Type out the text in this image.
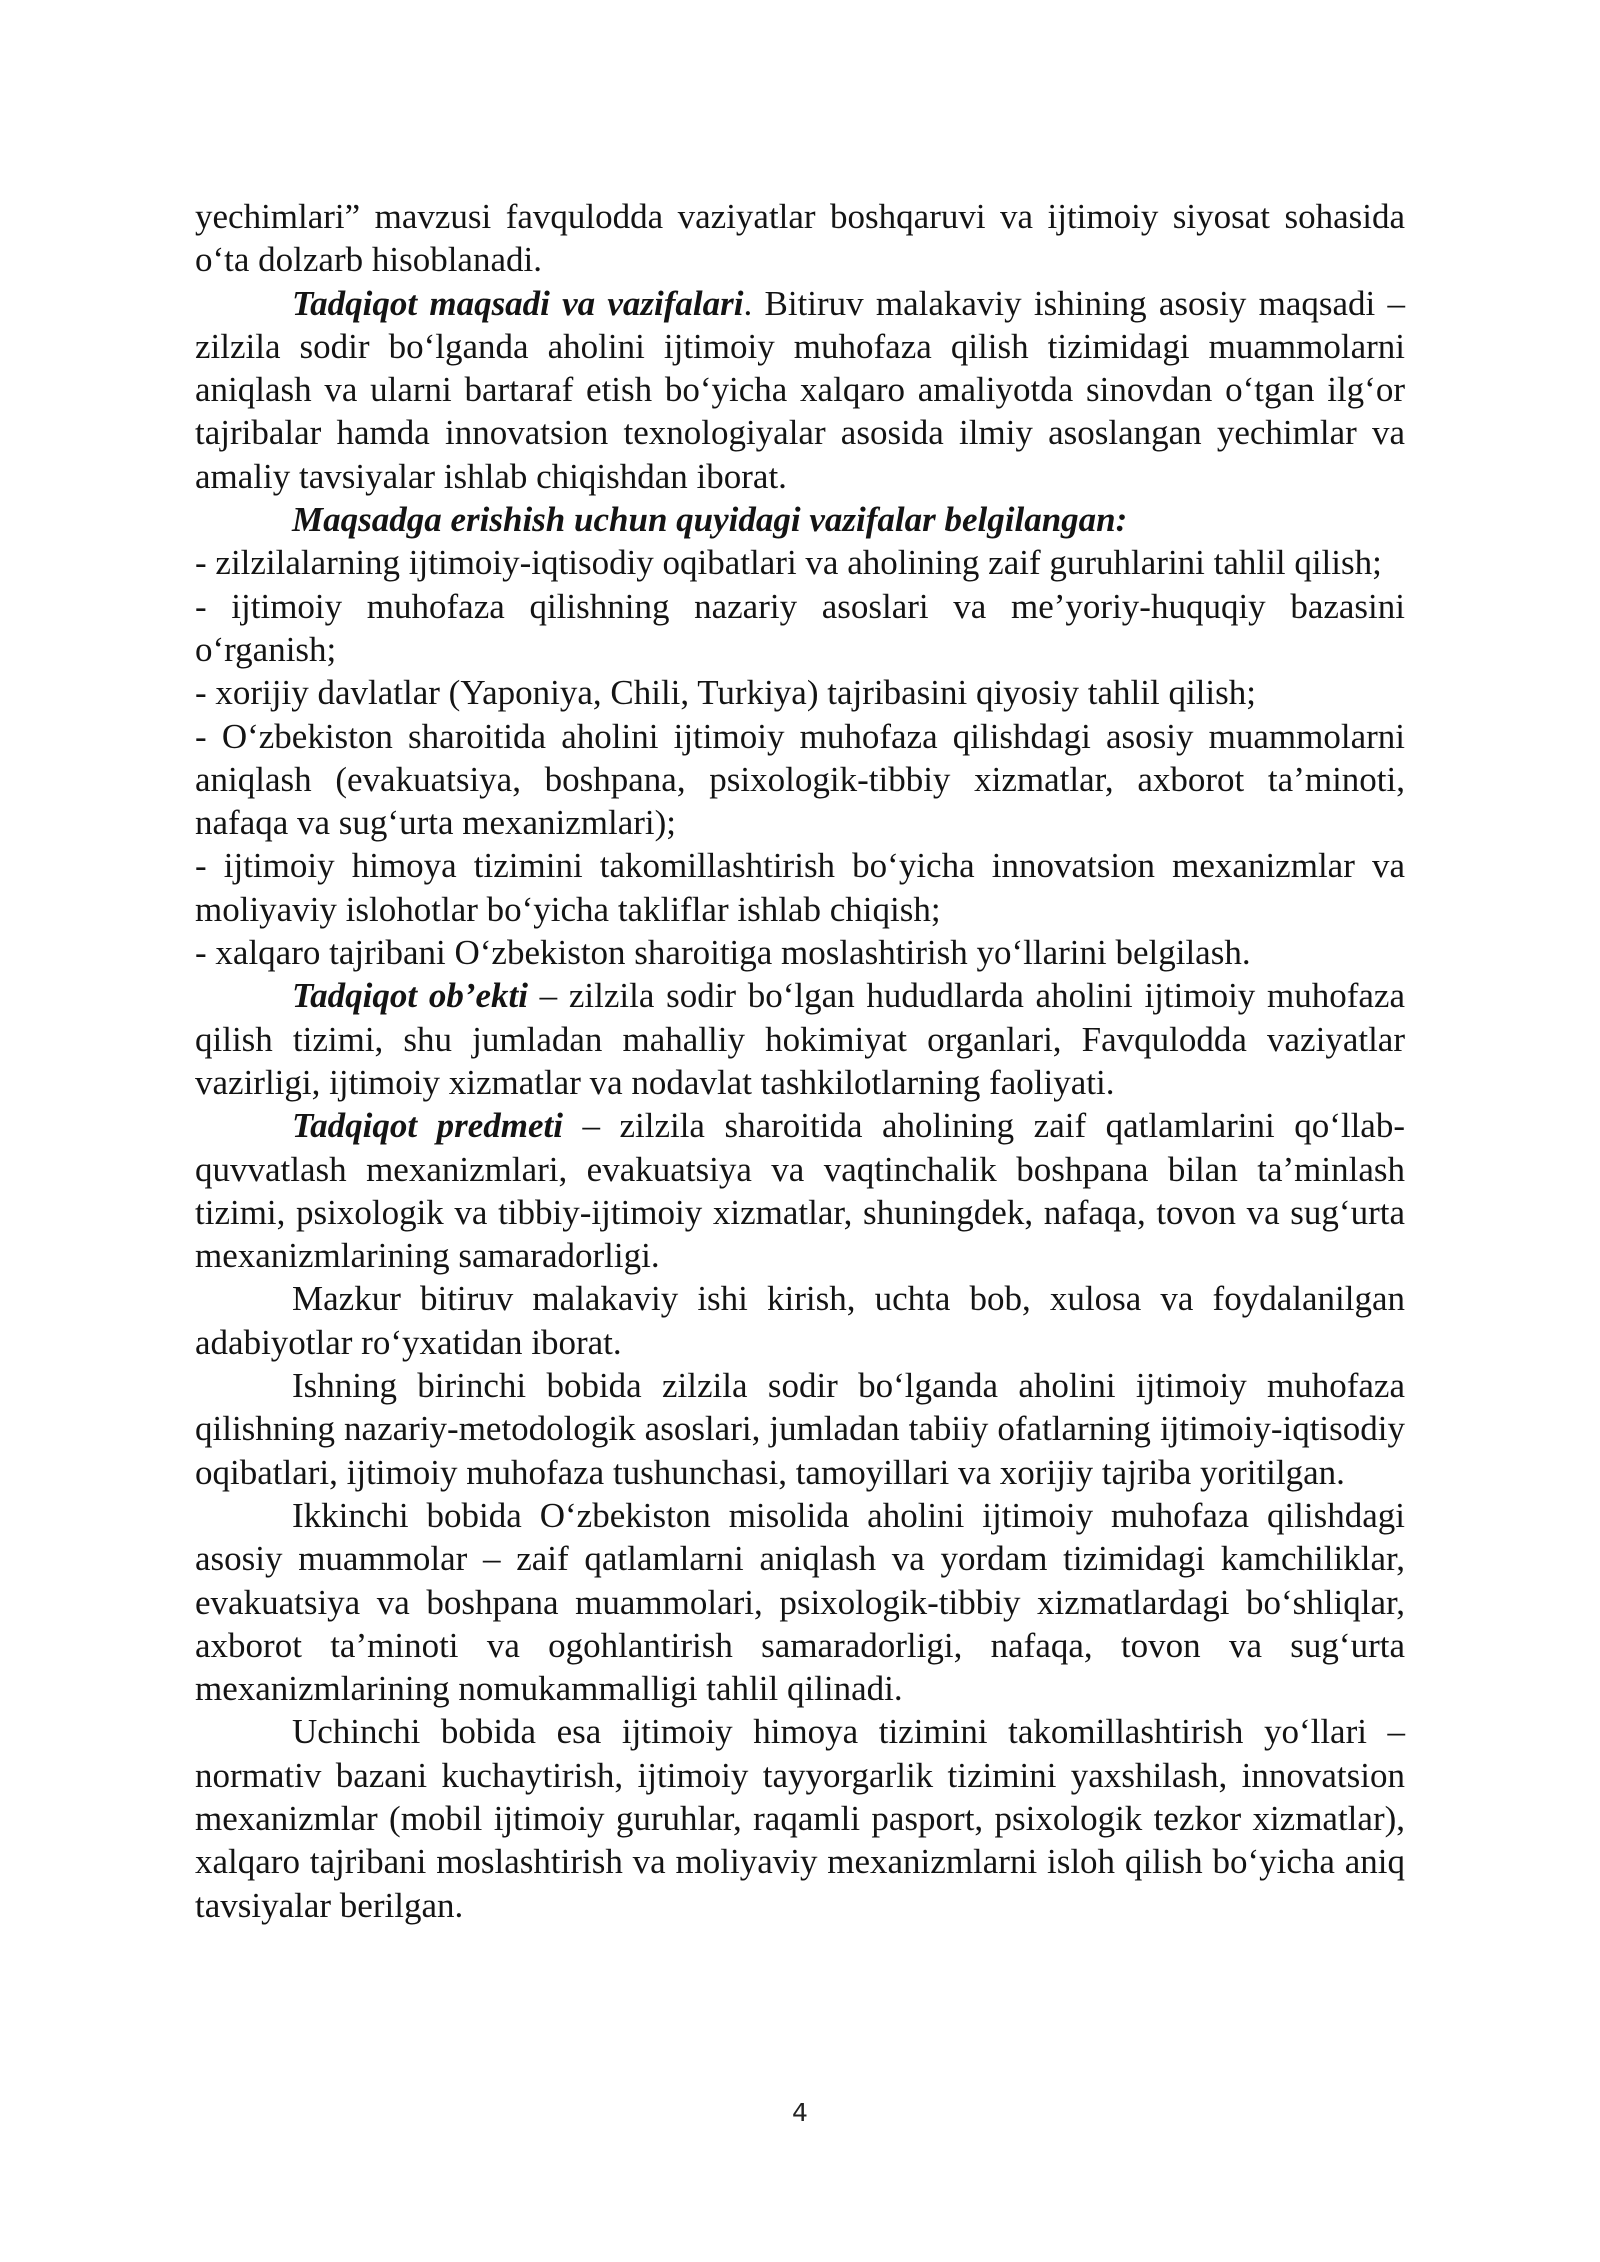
yechimlari” mavzusi favqulodda vaziyatlar boshqaruvi va ijtimoiy siyosat sohasida o‘ta dolzarb hisoblanadi.

Tadqiqot maqsadi va vazifalari. Bitiruv malakaviy ishining asosiy maqsadi – zilzila sodir bo‘lganda aholini ijtimoiy muhofaza qilish tizimidagi muammolarni aniqlash va ularni bartaraf etish bo‘yicha xalqaro amaliyotda sinovdan o‘tgan ilg‘or tajribalar hamda innovatsion texnologiyalar asosida ilmiy asoslangan yechimlar va amaliy tavsiyalar ishlab chiqishdan iborat.

Maqsadga erishish uchun quyidagi vazifalar belgilangan:

- zilzilalarning ijtimoiy-iqtisodiy oqibatlari va aholining zaif guruhlarini tahlil qilish;

- ijtimoiy muhofaza qilishning nazariy asoslari va me’yoriy-huquqiy bazasini o‘rganish;

- xorijiy davlatlar (Yaponiya, Chili, Turkiya) tajribasini qiyosiy tahlil qilish;

- O‘zbekiston sharoitida aholini ijtimoiy muhofaza qilishdagi asosiy muammolarni aniqlash (evakuatsiya, boshpana, psixologik-tibbiy xizmatlar, axborot ta’minoti, nafaqa va sug‘urta mexanizmlari);

- ijtimoiy himoya tizimini takomillashtirish bo‘yicha innovatsion mexanizmlar va moliyaviy islohotlar bo‘yicha takliflar ishlab chiqish;

- xalqaro tajribani O‘zbekiston sharoitiga moslashtirish yo‘llarini belgilash.

Tadqiqot ob’ekti – zilzila sodir bo‘lgan hududlarda aholini ijtimoiy muhofaza qilish tizimi, shu jumladan mahalliy hokimiyat organlari, Favqulodda vaziyatlar vazirligi, ijtimoiy xizmatlar va nodavlat tashkilotlarning faoliyati.

Tadqiqot predmeti – zilzila sharoitida aholining zaif qatlamlarini qo‘llab-quvvatlash mexanizmlari, evakuatsiya va vaqtinchalik boshpana bilan ta’minlash tizimi, psixologik va tibbiy-ijtimoiy xizmatlar, shuningdek, nafaqa, tovon va sug‘urta mexanizmlarining samaradorligi.

Mazkur bitiruv malakaviy ishi kirish, uchta bob, xulosa va foydalanilgan adabiyotlar ro‘yxatidan iborat.

Ishning birinchi bobida zilzila sodir bo‘lganda aholini ijtimoiy muhofaza qilishning nazariy-metodologik asoslari, jumladan tabiiy ofatlarning ijtimoiy-iqtisodiy oqibatlari, ijtimoiy muhofaza tushunchasi, tamoyillari va xorijiy tajriba yoritilgan.

Ikkinchi bobida O‘zbekiston misolida aholini ijtimoiy muhofaza qilishdagi asosiy muammolar – zaif qatlamlarni aniqlash va yordam tizimidagi kamchiliklar, evakuatsiya va boshpana muammolari, psixologik-tibbiy xizmatlardagi bo‘shliqlar, axborot ta’minoti va ogohlantirish samaradorligi, nafaqa, tovon va sug‘urta mexanizmlarining nomukammalligi tahlil qilinadi.

Uchinchi bobida esa ijtimoiy himoya tizimini takomillashtirish yo‘llari – normativ bazani kuchaytirish, ijtimoiy tayyorgarlik tizimini yaxshilash, innovatsion mexanizmlar (mobil ijtimoiy guruhlar, raqamli pasport, psixologik tezkor xizmatlar), xalqaro tajribani moslashtirish va moliyaviy mexanizmlarni isloh qilish bo‘yicha aniq tavsiyalar berilgan.

4
